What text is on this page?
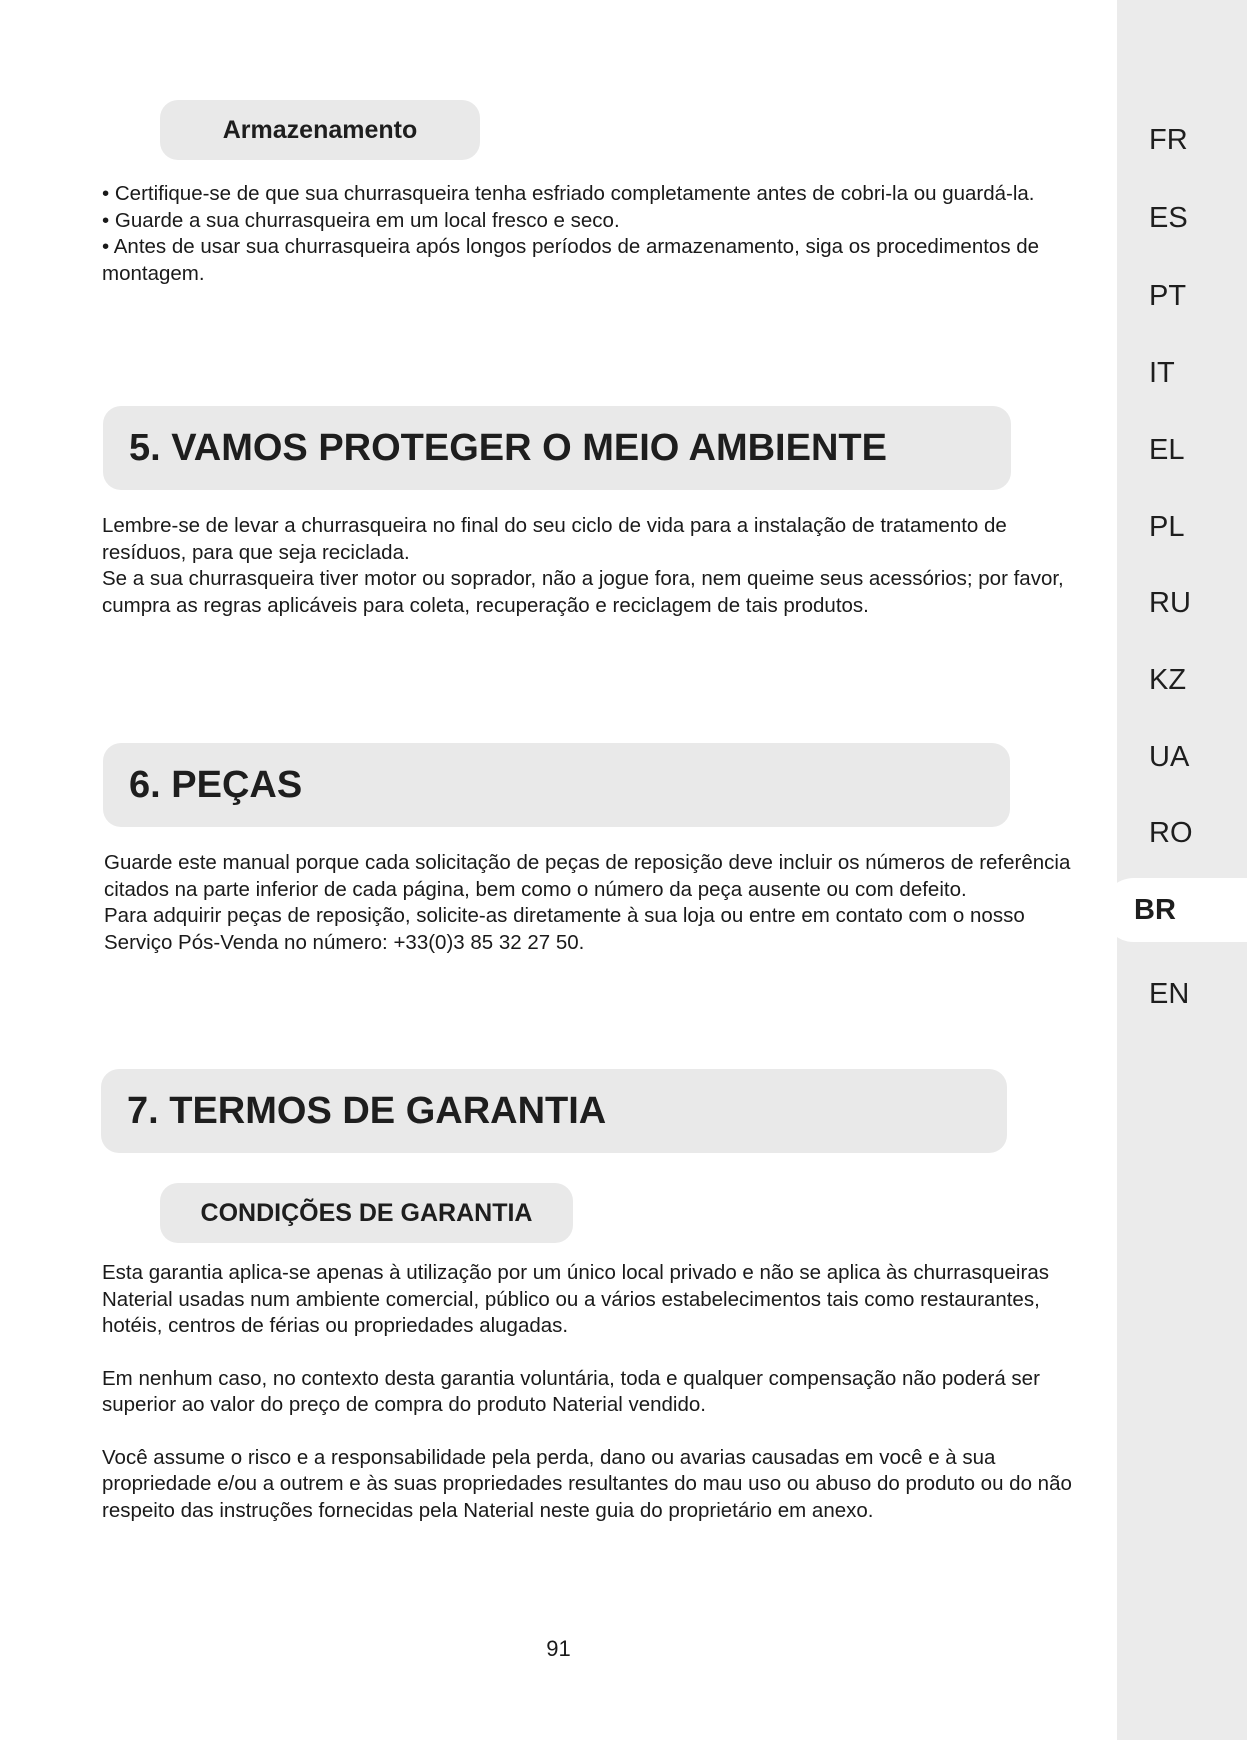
Armazenamento

• Certifique-se de que sua churrasqueira tenha esfriado completamente antes de cobri-la ou guardá-la.

• Guarde a sua churrasqueira em um local fresco e seco.

• Antes de usar sua churrasqueira após longos períodos de armazenamento, siga os procedimentos de montagem.

5. VAMOS PROTEGER O MEIO AMBIENTE

Lembre-se de levar a churrasqueira no final do seu ciclo de vida para a instalação de tratamento de resíduos, para que seja reciclada.

Se a sua churrasqueira tiver motor ou soprador, não a jogue fora, nem queime seus acessórios; por favor, cumpra as regras aplicáveis para coleta, recuperação e reciclagem de tais produtos.

6. PEÇAS

Guarde este manual porque cada solicitação de peças de reposição deve incluir os números de referência citados na parte inferior de cada página, bem como o número da peça ausente ou com defeito.

Para adquirir peças de reposição, solicite-as diretamente à sua loja ou entre em contato com o nosso Serviço Pós-Venda no número: +33(0)3 85 32 27 50.

7. TERMOS DE GARANTIA
CONDIÇÕES DE GARANTIA

Esta garantia aplica-se apenas à utilização por um único local privado e não se aplica às churrasqueiras Naterial usadas num ambiente comercial, público ou a vários estabelecimentos tais como restaurantes, hotéis, centros de férias ou propriedades alugadas.

Em nenhum caso, no contexto desta garantia voluntária, toda e qualquer compensação não poderá ser superior ao valor do preço de compra do produto Naterial vendido.

Você assume o risco e a responsabilidade pela perda, dano ou avarias causadas em você e à sua propriedade e/ou a outrem e às suas propriedades resultantes do mau uso ou abuso do produto ou do não respeito das instruções fornecidas pela Naterial neste guia do proprietário em anexo.

91
FR
ES
PT
IT
EL
PL
RU
KZ
UA
RO
BR
EN
